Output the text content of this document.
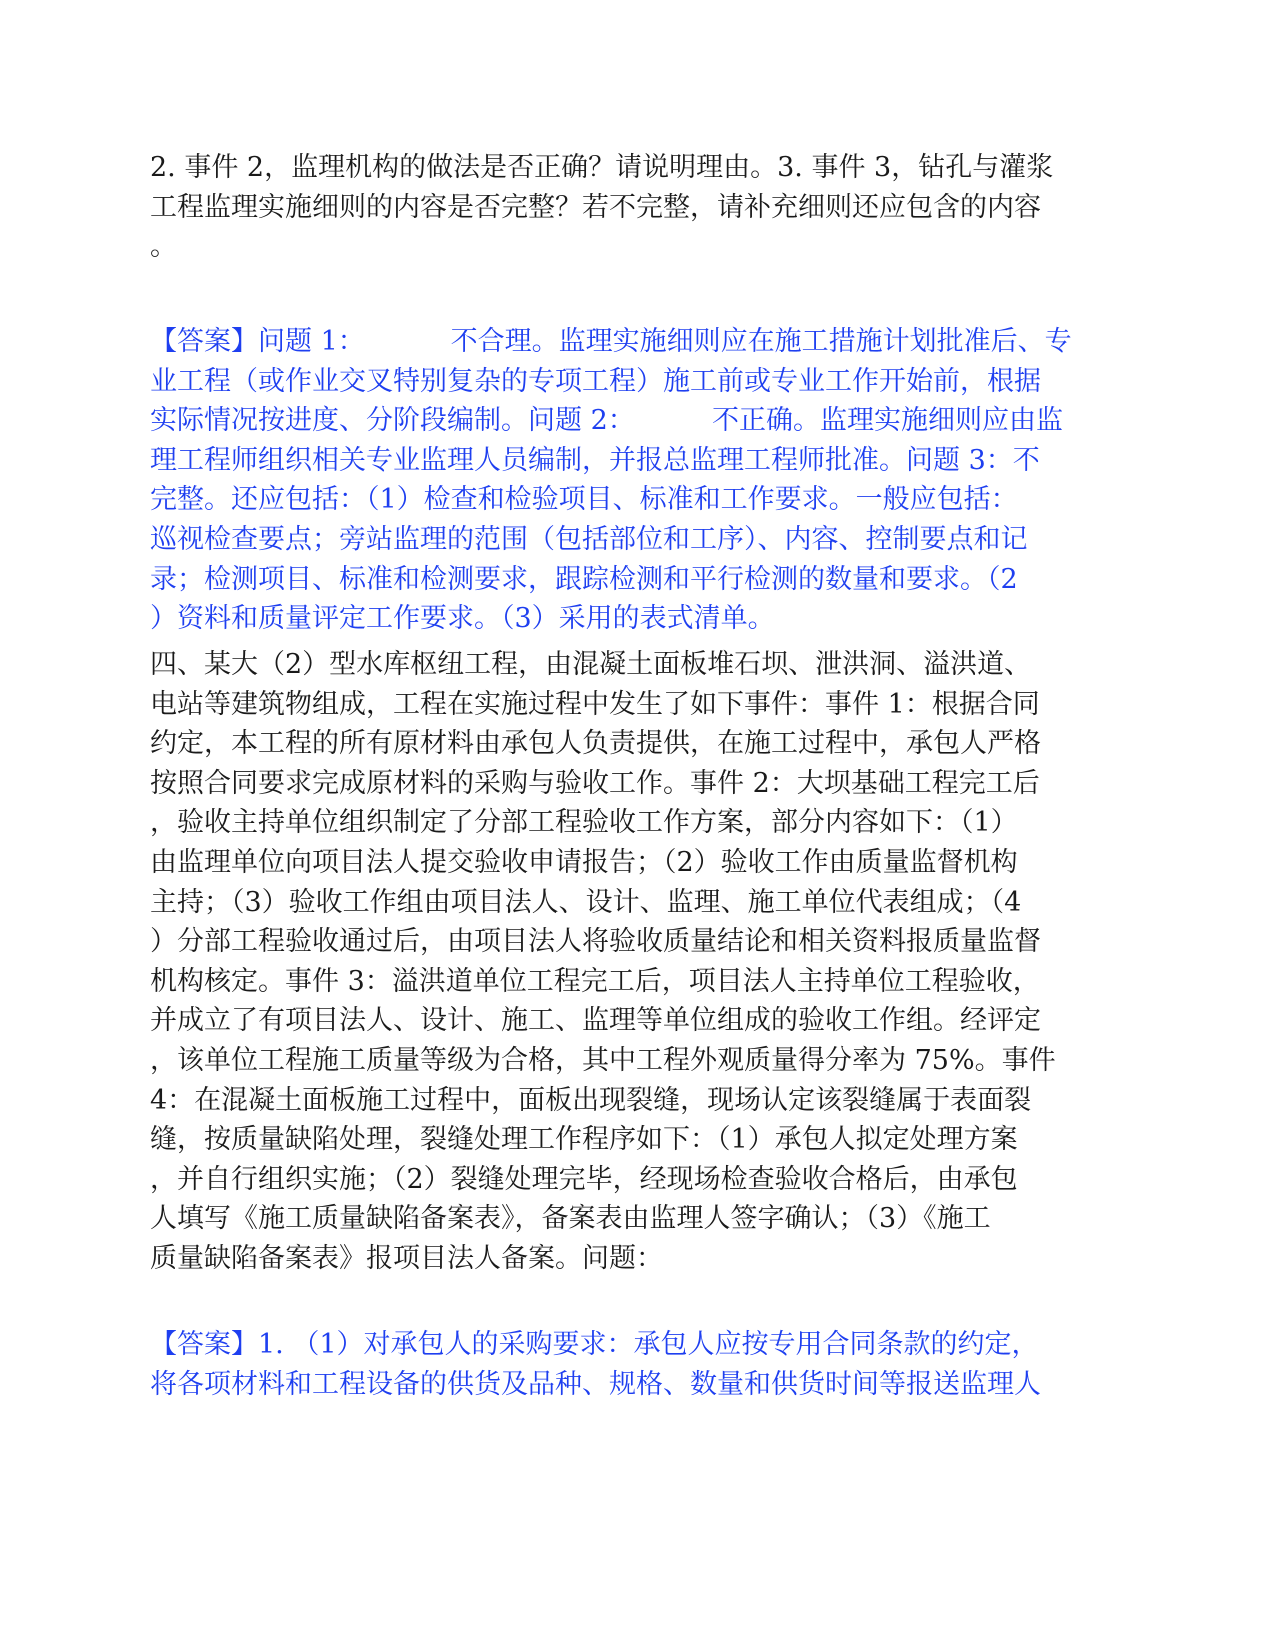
2. 事件 2，监理机构的做法是否正确？请说明理由。3. 事件 3，钻孔与灌浆
工程监理实施细则的内容是否完整？若不完整，请补充细则还应包含的内容
。
【答案】问题 1：          不合理。监理实施细则应在施工措施计划批准后、专
业工程（或作业交叉特别复杂的专项工程）施工前或专业工作开始前，根据
实际情况按进度、分阶段编制。问题 2：         不正确。监理实施细则应由监
理工程师组织相关专业监理人员编制，并报总监理工程师批准。问题 3：不
完整。还应包括：（1）检查和检验项目、标准和工作要求。一般应包括：
巡视检查要点；旁站监理的范围（包括部位和工序）、内容、控制要点和记
录；检测项目、标准和检测要求，跟踪检测和平行检测的数量和要求。（2
）资料和质量评定工作要求。（3）采用的表式清单。
四、某大（2）型水库枢纽工程，由混凝土面板堆石坝、泄洪洞、溢洪道、
电站等建筑物组成，工程在实施过程中发生了如下事件：事件 1：根据合同
约定，本工程的所有原材料由承包人负责提供，在施工过程中，承包人严格
按照合同要求完成原材料的采购与验收工作。事件 2：大坝基础工程完工后
，验收主持单位组织制定了分部工程验收工作方案，部分内容如下：（1）
由监理单位向项目法人提交验收申请报告；（2）验收工作由质量监督机构
主持；（3）验收工作组由项目法人、设计、监理、施工单位代表组成；（4
）分部工程验收通过后，由项目法人将验收质量结论和相关资料报质量监督
机构核定。事件 3：溢洪道单位工程完工后，项目法人主持单位工程验收，
并成立了有项目法人、设计、施工、监理等单位组成的验收工作组。经评定
，该单位工程施工质量等级为合格，其中工程外观质量得分率为 75%。事件
4：在混凝土面板施工过程中，面板出现裂缝，现场认定该裂缝属于表面裂
缝，按质量缺陷处理，裂缝处理工作程序如下：（1）承包人拟定处理方案
，并自行组织实施；（2）裂缝处理完毕，经现场检查验收合格后，由承包
人填写《施工质量缺陷备案表》，备案表由监理人签字确认；（3）《施工
质量缺陷备案表》报项目法人备案。问题：
【答案】1. （1）对承包人的采购要求：承包人应按专用合同条款的约定，
将各项材料和工程设备的供货及品种、规格、数量和供货时间等报送监理人
